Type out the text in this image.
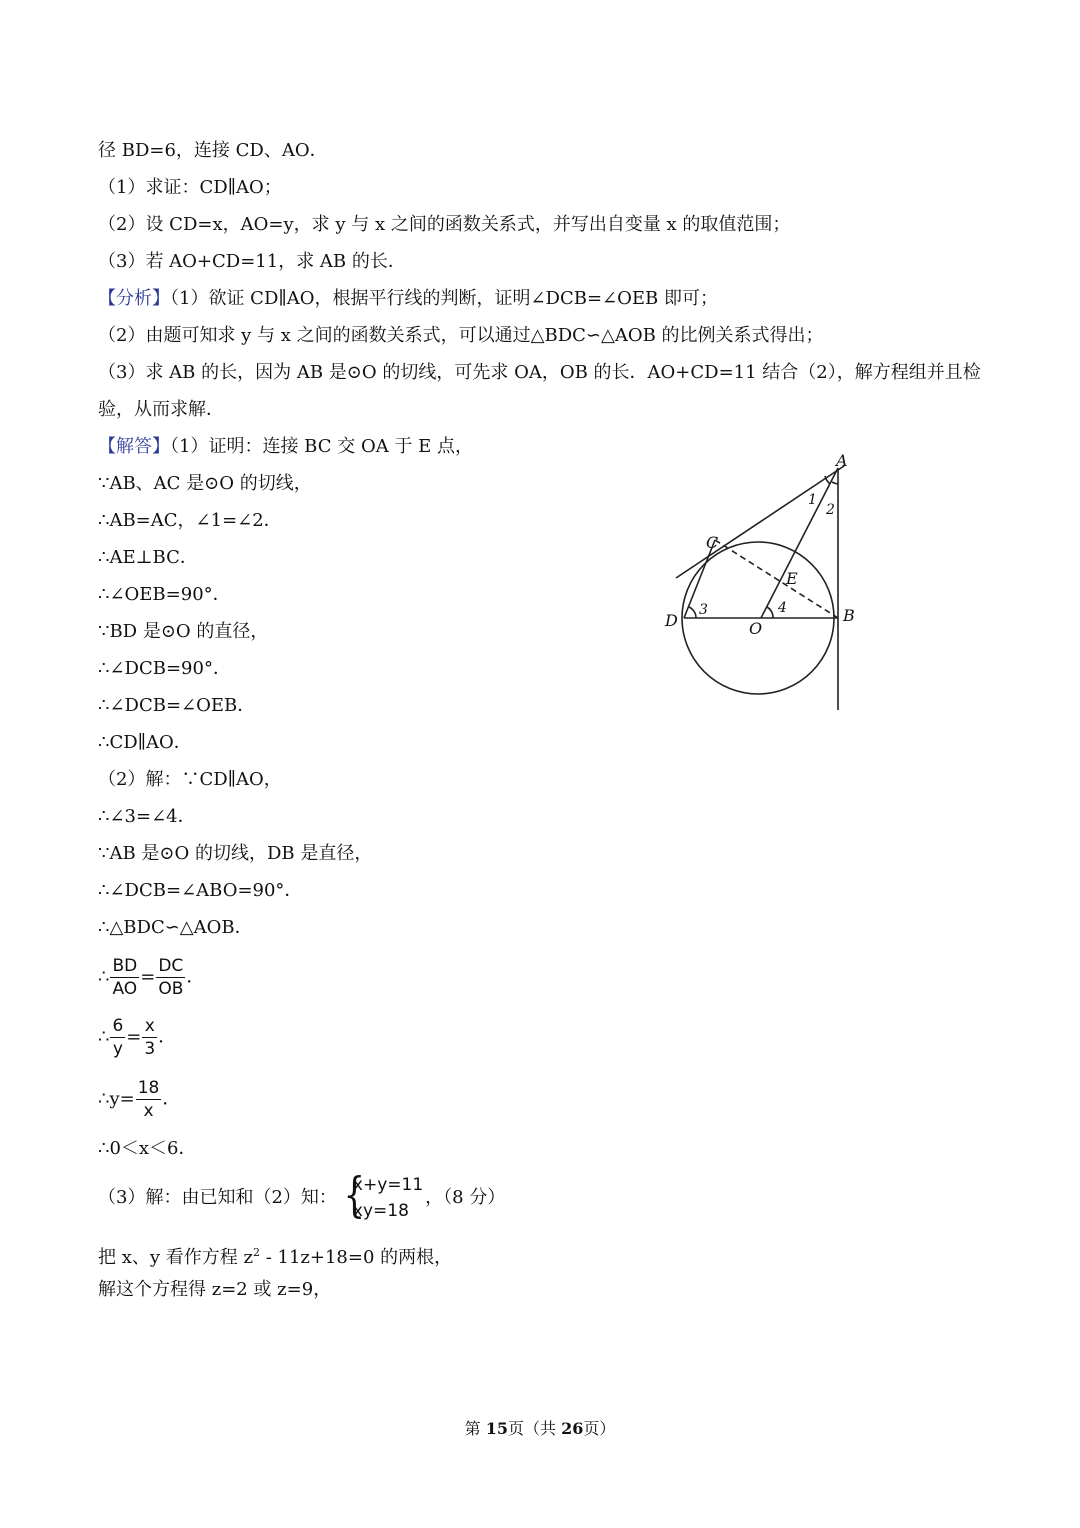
径 BD=6，连接 CD、AO．
（1）求证：CD∥AO；
（2）设 CD=x，AO=y，求 y 与 x 之间的函数关系式，并写出自变量 x 的取值范围；
（3）若 AO+CD=11，求 AB 的长．
【分析】（1）欲证 CD∥AO，根据平行线的判断，证明∠DCB=∠OEB 即可；
（2）由题可知求 y 与 x 之间的函数关系式，可以通过△BDC∽△AOB 的比例关系式得出；
（3）求 AB 的长，因为 AB 是⊙O 的切线，可先求 OA，OB 的长．AO+CD=11 结合（2），解方程组并且检
验，从而求解．
【解答】（1）证明：连接 BC 交 OA 于 E 点，
∵AB、AC 是⊙O 的切线，
∴AB=AC，∠1=∠2．
∴AE⊥BC．
∴∠OEB=90°．
∵BD 是⊙O 的直径，
∴∠DCB=90°．
∴∠DCB=∠OEB．
∴CD∥AO．
（2）解：∵CD∥AO，
∴∠3=∠4．
∵AB 是⊙O 的切线，DB 是直径，
∴∠DCB=∠ABO=90°．
∴△BDC∽△AOB．
∴ $\frac{BD}{AO} = \frac{DC}{OB}$ ．
∴ $\frac{6}{y} = \frac{x}{3}$ ．
∴y= $\frac{18}{x}$ ．
∴0＜x＜6．
（3）解：由已知和（2）知： {
x+y=11
xy=18
，（8 分）
把 x、y 看作方程 $z^2 - 11z+18=0$ 的两根，
解这个方程得 z=2 或 z=9，
A
C
E
D	B
O
1
2
3	4
第 15页（共 26页）
